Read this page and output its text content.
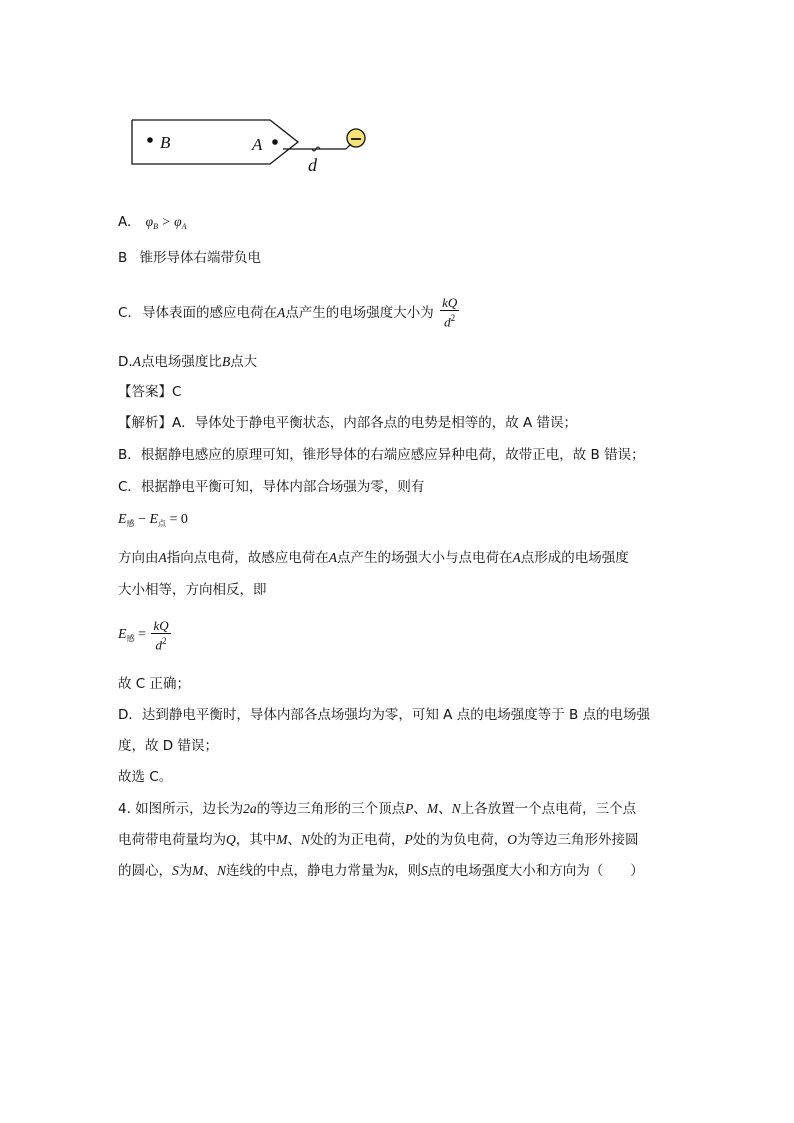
B	A
d
A. $\varphi_B > \varphi_A$
B 锥形导体右端带负电
C. 导体表面的感应电荷在A点产生的电场强度大小为 $\frac{kQ}{d^2}$
D.A点电场强度比B点大
【答案】C
【解析】A．导体处于静电平衡状态，内部各点的电势是相等的，故 A 错误；
B．根据静电感应的原理可知，锥形导体的右端应感应异种电荷，故带正电，故 B 错误；
C．根据静电平衡可知，导体内部合场强为零，则有
$E_感 - E_点 = 0$
方向由A指向点电荷，故感应电荷在A点产生的场强大小与点电荷在A点形成的电场强度
大小相等，方向相反，即
$E_感 = \frac{kQ}{d^2}$
故 C 正确；
D．达到静电平衡时，导体内部各点场强均为零，可知 A 点的电场强度等于 B 点的电场强
度，故 D 错误；
故选 C。
4. 如图所示，边长为2a的等边三角形的三个顶点P、M、N上各放置一个点电荷，三个点
电荷带电荷量均为Q，其中M、N处的为正电荷，P处的为负电荷，O为等边三角形外接圆
的圆心，S为M、N连线的中点，静电力常量为k，则S点的电场强度大小和方向为（　　）
